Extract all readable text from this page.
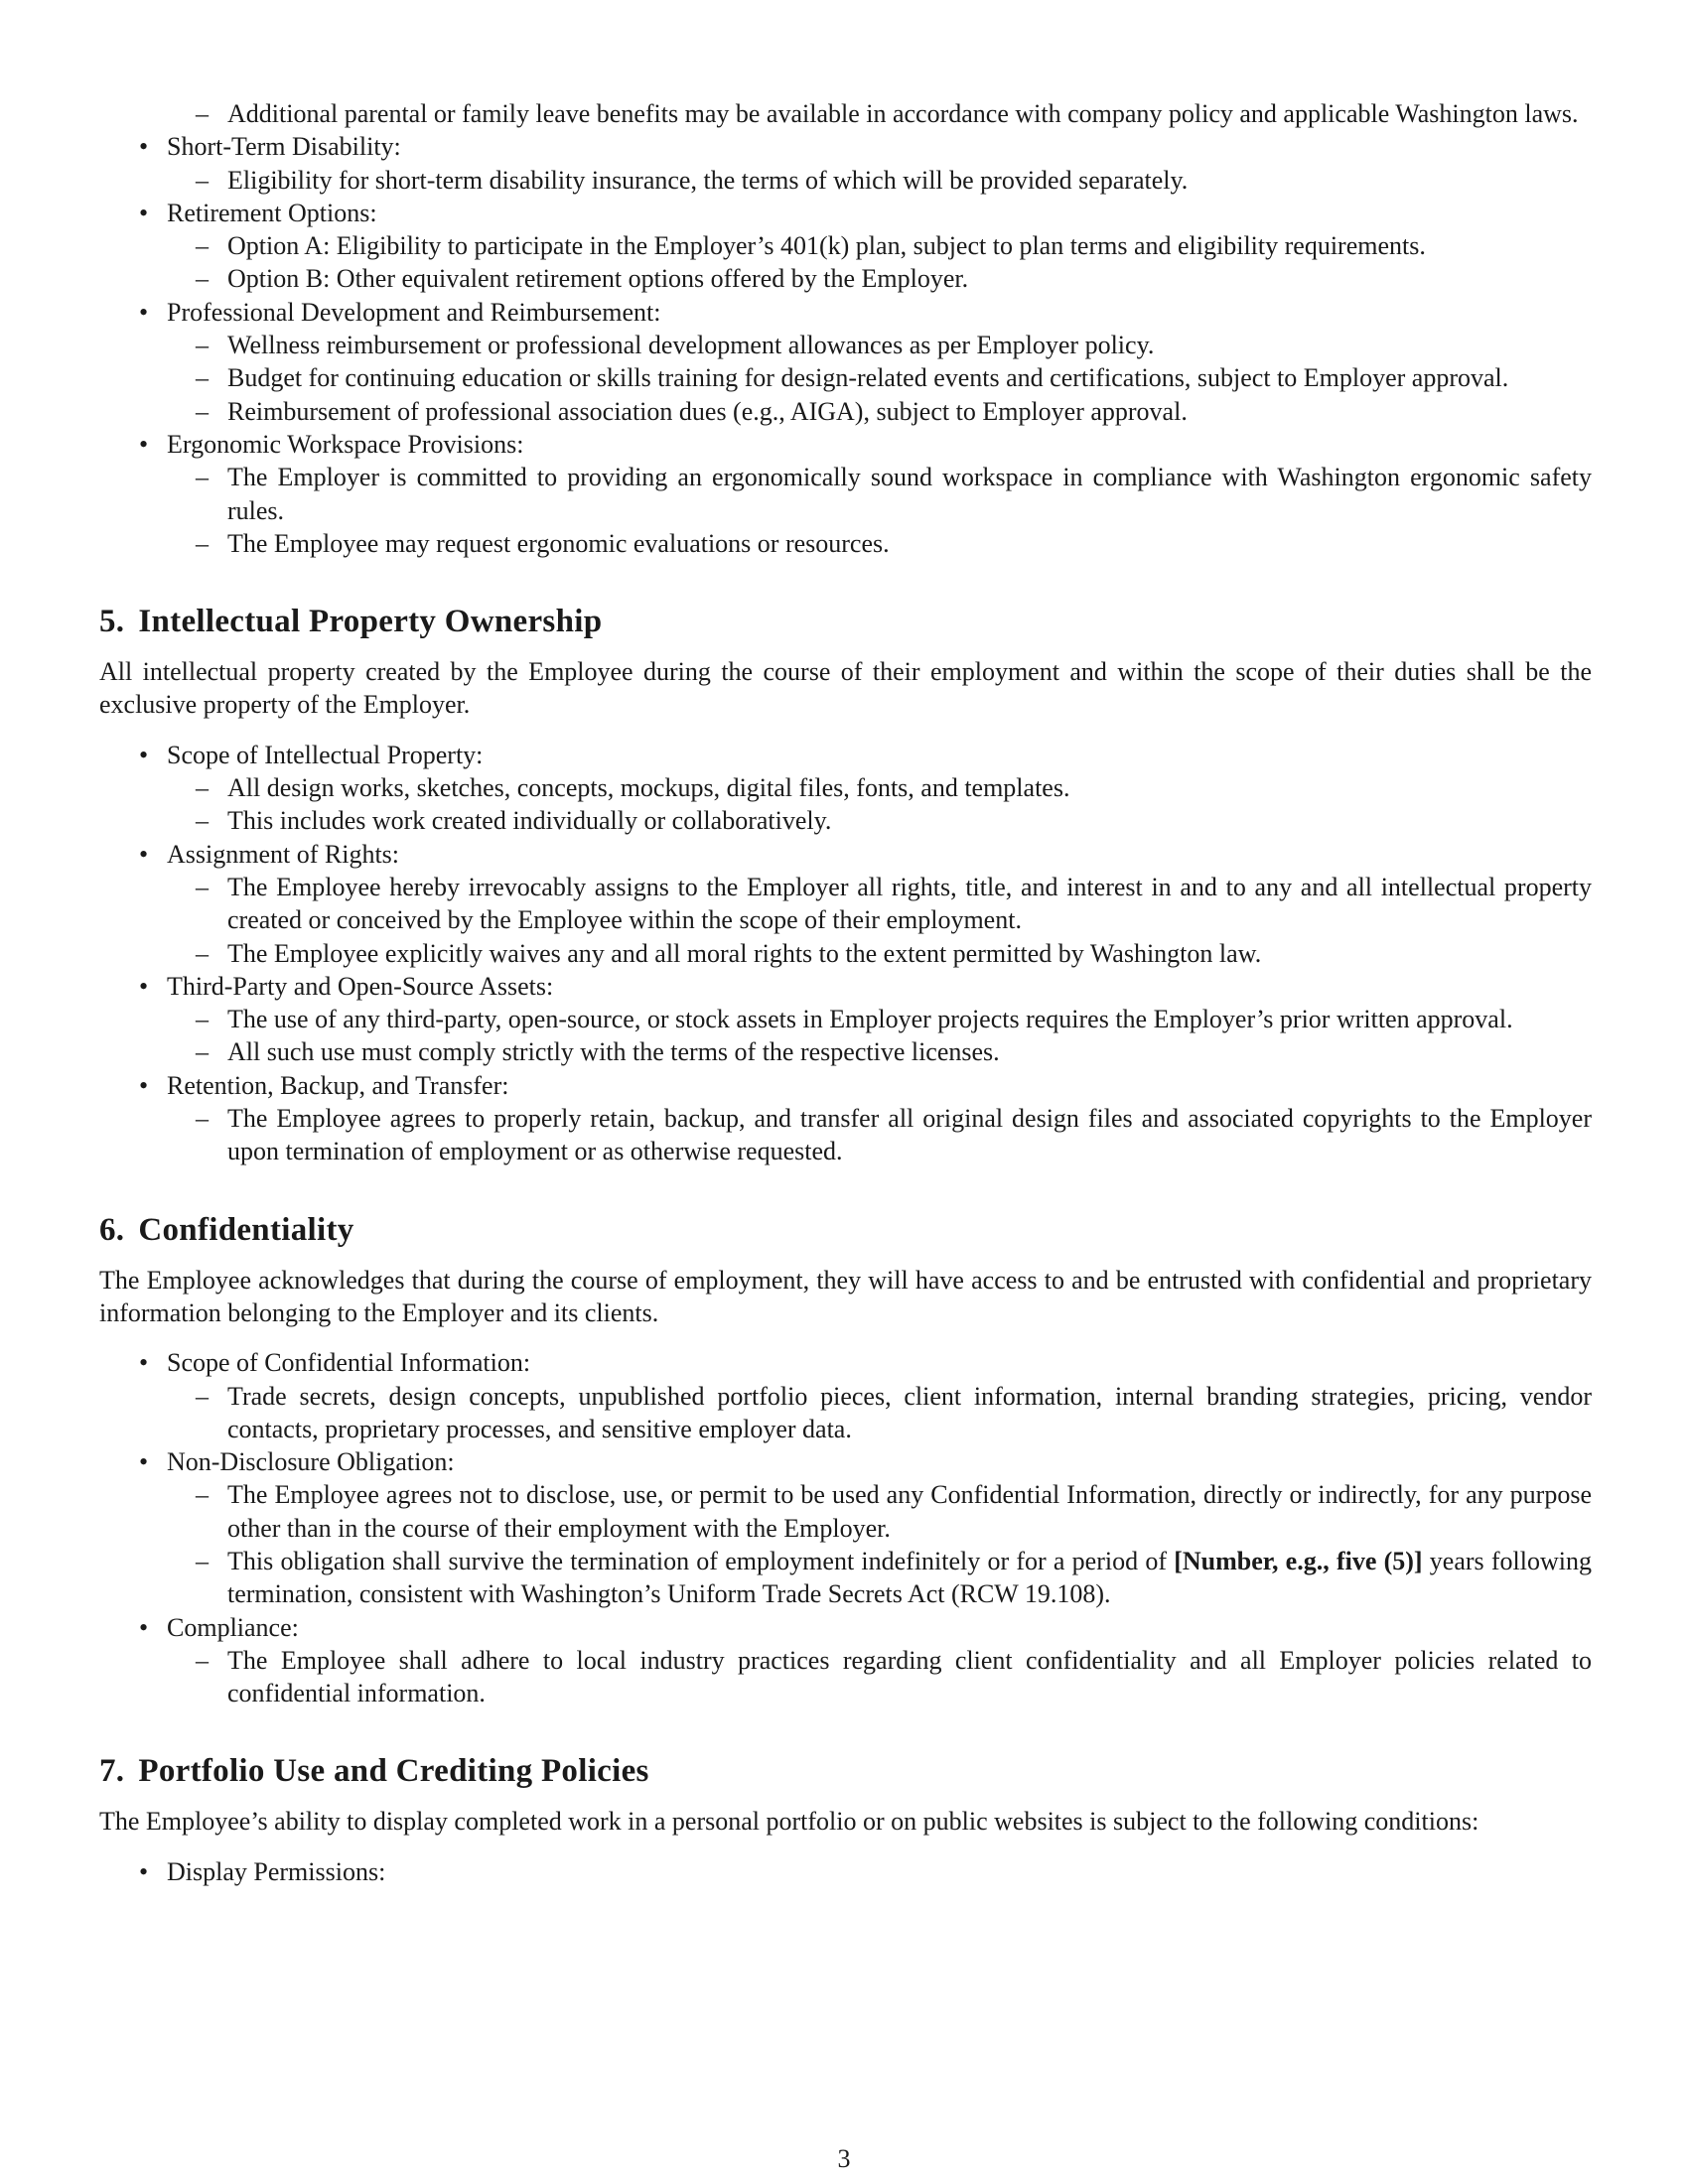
– Additional parental or family leave benefits may be available in accordance with company policy and applicable Washington laws.
• Short-Term Disability:
– Eligibility for short-term disability insurance, the terms of which will be provided separately.
• Retirement Options:
– Option A: Eligibility to participate in the Employer’s 401(k) plan, subject to plan terms and eligibility requirements.
– Option B: Other equivalent retirement options offered by the Employer.
• Professional Development and Reimbursement:
– Wellness reimbursement or professional development allowances as per Employer policy.
– Budget for continuing education or skills training for design-related events and certifications, subject to Employer approval.
– Reimbursement of professional association dues (e.g., AIGA), subject to Employer approval.
• Ergonomic Workspace Provisions:
– The Employer is committed to providing an ergonomically sound workspace in compliance with Washington ergonomic safety rules.
– The Employee may request ergonomic evaluations or resources.
5. Intellectual Property Ownership

All intellectual property created by the Employee during the course of their employment and within the scope of their duties shall be the exclusive property of the Employer.

• Scope of Intellectual Property:
– All design works, sketches, concepts, mockups, digital files, fonts, and templates.
– This includes work created individually or collaboratively.
• Assignment of Rights:
– The Employee hereby irrevocably assigns to the Employer all rights, title, and interest in and to any and all intellectual property created or conceived by the Employee within the scope of their employment.
– The Employee explicitly waives any and all moral rights to the extent permitted by Washington law.
• Third-Party and Open-Source Assets:
– The use of any third-party, open-source, or stock assets in Employer projects requires the Employer’s prior written approval.
– All such use must comply strictly with the terms of the respective licenses.
• Retention, Backup, and Transfer:
– The Employee agrees to properly retain, backup, and transfer all original design files and associated copyrights to the Employer upon termination of employment or as otherwise requested.
6. Confidentiality

The Employee acknowledges that during the course of employment, they will have access to and be entrusted with confidential and proprietary information belonging to the Employer and its clients.

• Scope of Confidential Information:
– Trade secrets, design concepts, unpublished portfolio pieces, client information, internal branding strategies, pricing, vendor contacts, proprietary processes, and sensitive employer data.
• Non-Disclosure Obligation:
– The Employee agrees not to disclose, use, or permit to be used any Confidential Information, directly or indirectly, for any purpose other than in the course of their employment with the Employer.
– This obligation shall survive the termination of employment indefinitely or for a period of [Number, e.g., five (5)] years following termination, consistent with Washington’s Uniform Trade Secrets Act (RCW 19.108).
• Compliance:
– The Employee shall adhere to local industry practices regarding client confidentiality and all Employer policies related to confidential information.
7. Portfolio Use and Crediting Policies

The Employee’s ability to display completed work in a personal portfolio or on public websites is subject to the following conditions:

• Display Permissions:
3
